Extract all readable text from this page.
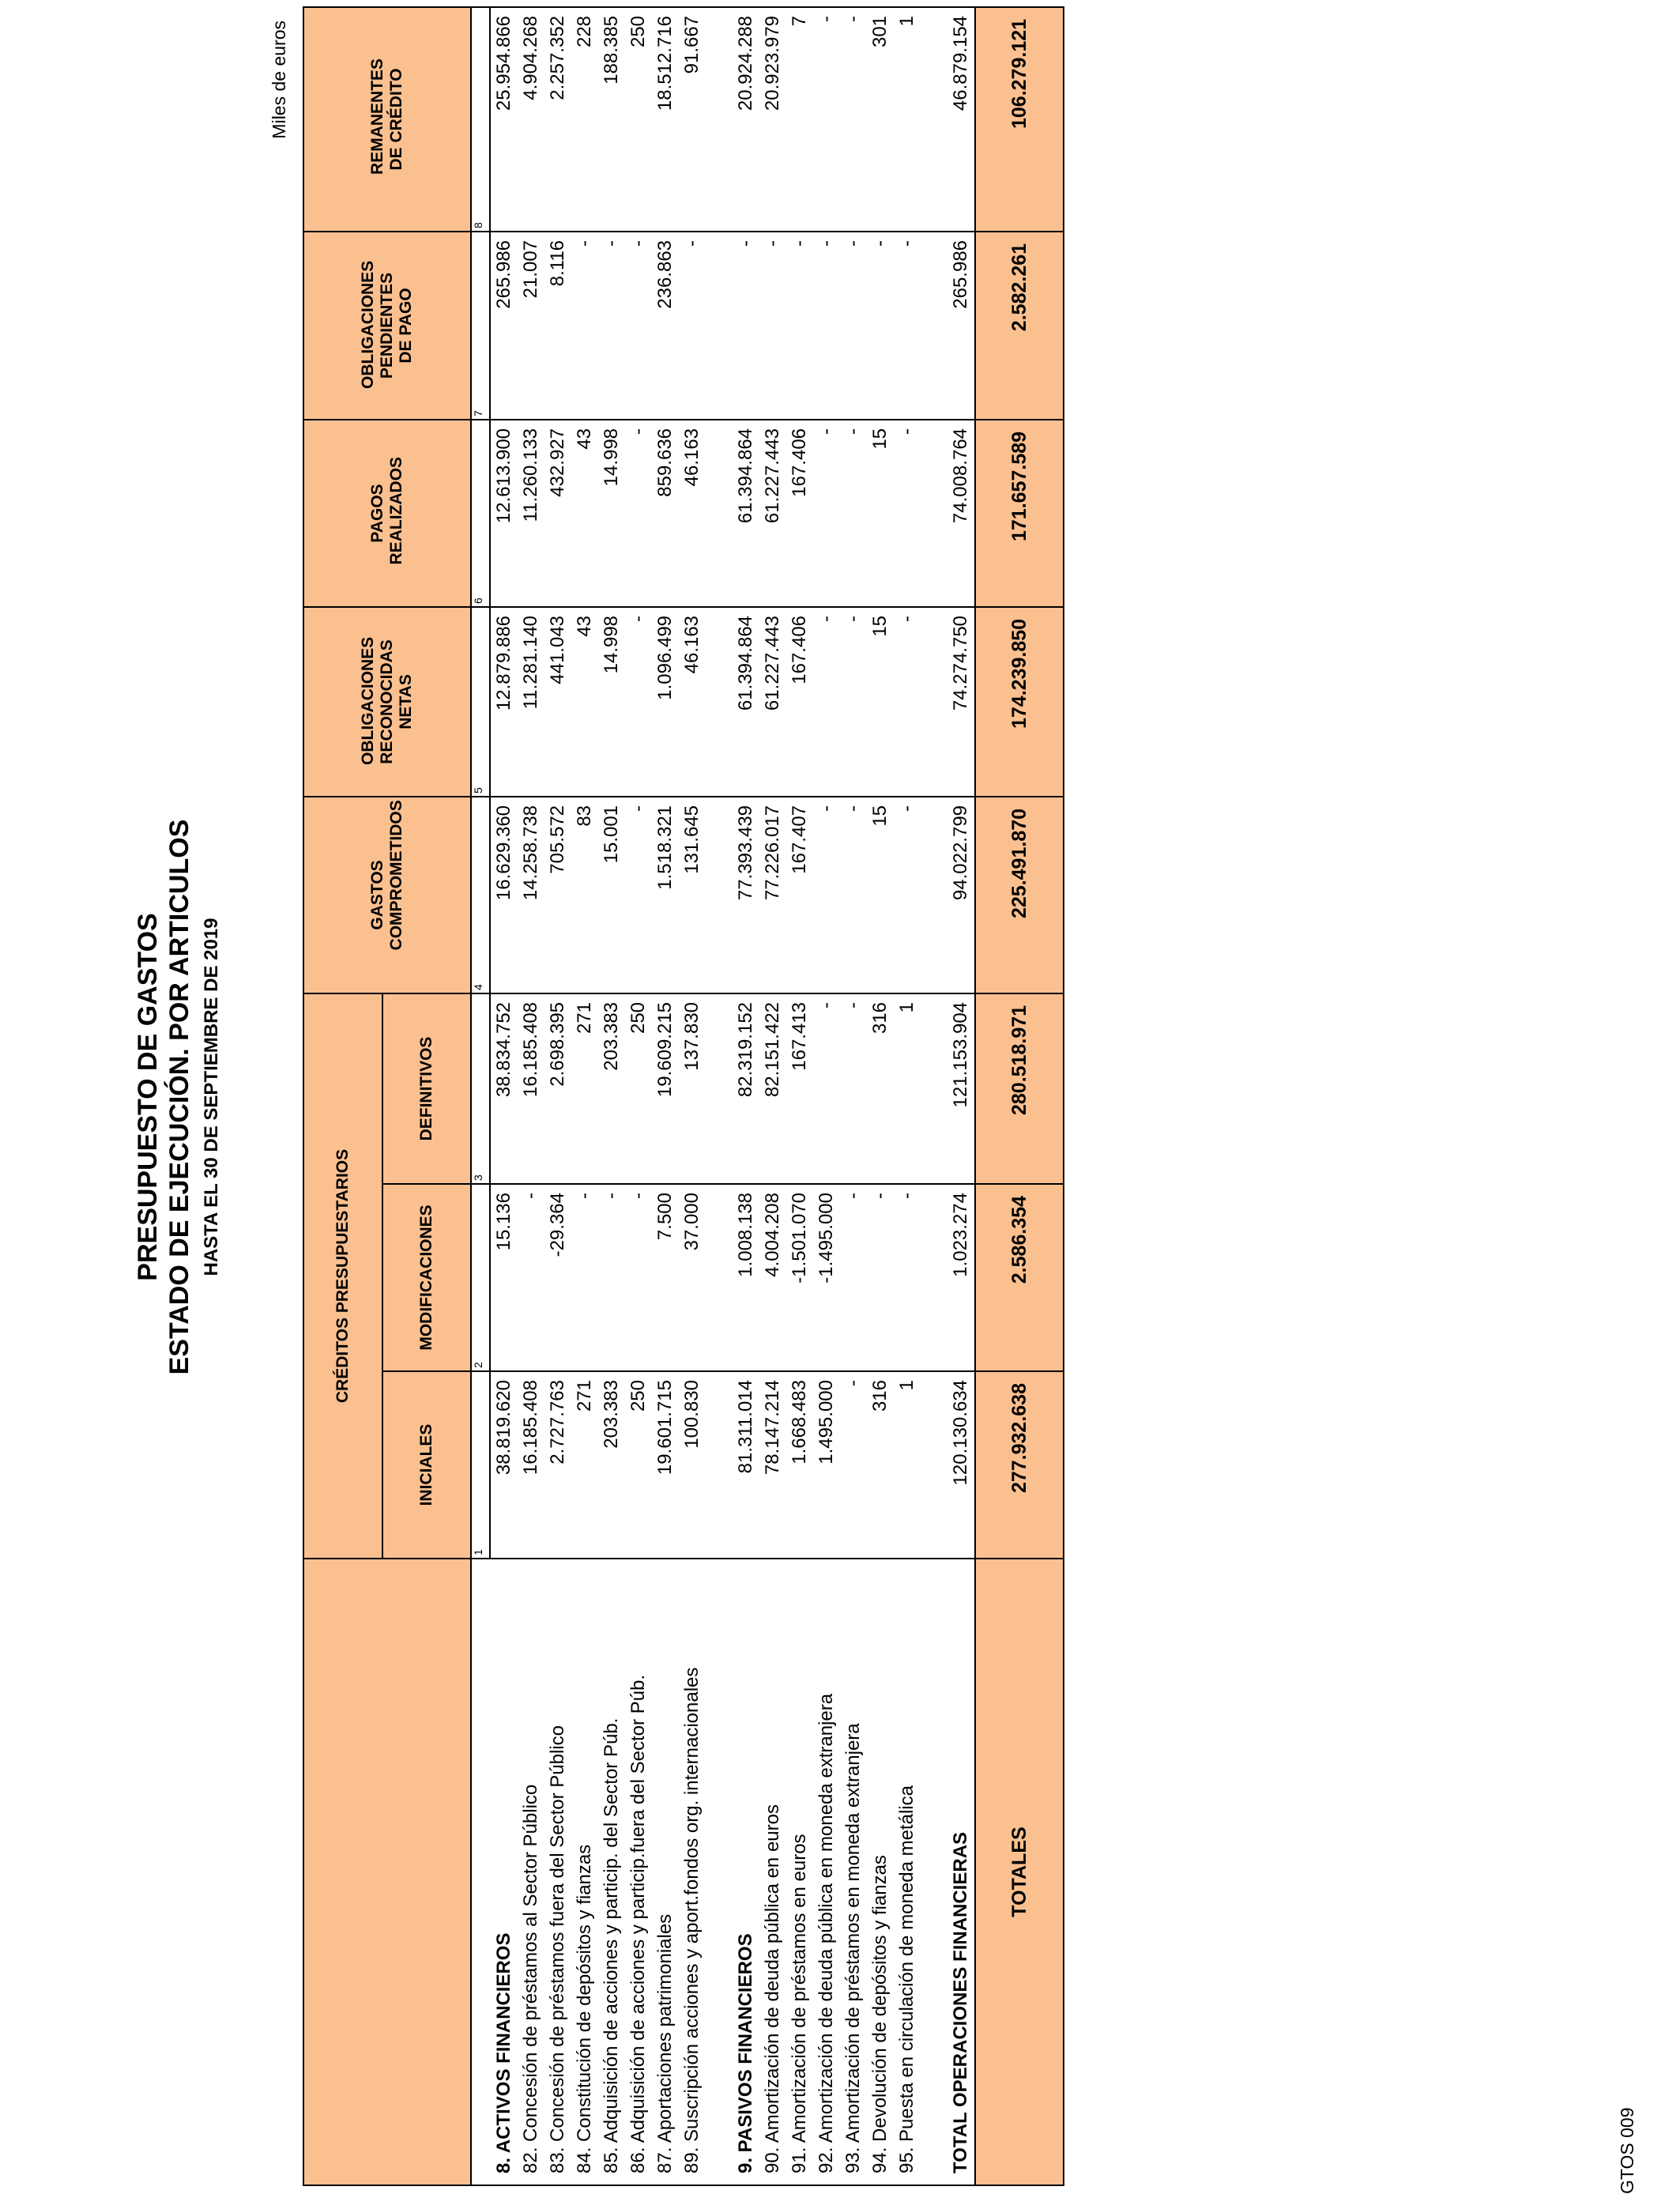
PRESUPUESTO DE GASTOS ESTADO DE EJECUCIÓN. POR ARTICULOS HASTA EL 30 DE SEPTIEMBRE DE 2019
Miles de euros
	CRÉDITOS PRESUPUESTARIOS			GASTOS COMPROMETIDOS	OBLIGACIONES RECONOCIDAS NETAS	PAGOS REALIZADOS	OBLIGACIONES PENDIENTES DE PAGO	REMANENTES DE CRÉDITO

	INICIALES	MODIFICACIONES	DEFINITIVOS					
	1	2	3	4	5	6	7	8
8. ACTIVOS FINANCIEROS	38.819.620	15.136	38.834.752	16.629.360	12.879.886	12.613.900	265.986	25.954.866
82. Concesión de préstamos al Sector Público	16.185.408	-	16.185.408	14.258.738	11.281.140	11.260.133	21.007	4.904.268
83. Concesión de préstamos fuera del Sector Público	2.727.763	-29.364	2.698.395	705.572	441.043	432.927	8.116	2.257.352
84. Constitución de depósitos y fianzas	271	-	271	83	43	43	-	228
85. Adquisición de acciones y particip. del Sector Púb.	203.383	-	203.383	15.001	14.998	14.998	-	188.385
86. Adquisición de acciones y particip.fuera del Sector Púb.	250	-	250	-	-	-	-	250
87. Aportaciones patrimoniales	19.601.715	7.500	19.609.215	1.518.321	1.096.499	859.636	236.863	18.512.716
89. Suscripción acciones y aport.fondos org. internacionales	100.830	37.000	137.830	131.645	46.163	46.163	-	91.667

9. PASIVOS FINANCIEROS	81.311.014	1.008.138	82.319.152	77.393.439	61.394.864	61.394.864	-	20.924.288
90. Amortización de deuda pública en euros	78.147.214	4.004.208	82.151.422	77.226.017	61.227.443	61.227.443	-	20.923.979
91. Amortización de préstamos en euros	1.668.483	-1.501.070	167.413	167.407	167.406	167.406	-	7
92. Amortización de deuda pública en moneda extranjera	1.495.000	-1.495.000	-	-	-	-	-	-
93. Amortización de préstamos en moneda extranjera	-	-	-	-	-	-	-	-
94. Devolución de depósitos y fianzas	316	-	316	15	15	15	-	301
95. Puesta en circulación de moneda metálica	1	-	1	-	-	-	-	1

TOTAL OPERACIONES FINANCIERAS	120.130.634	1.023.274	121.153.904	94.022.799	74.274.750	74.008.764	265.986	46.879.154
TOTALES	277.932.638	2.586.354	280.518.971	225.491.870	174.239.850	171.657.589	2.582.261	106.279.121
GTOS 009
